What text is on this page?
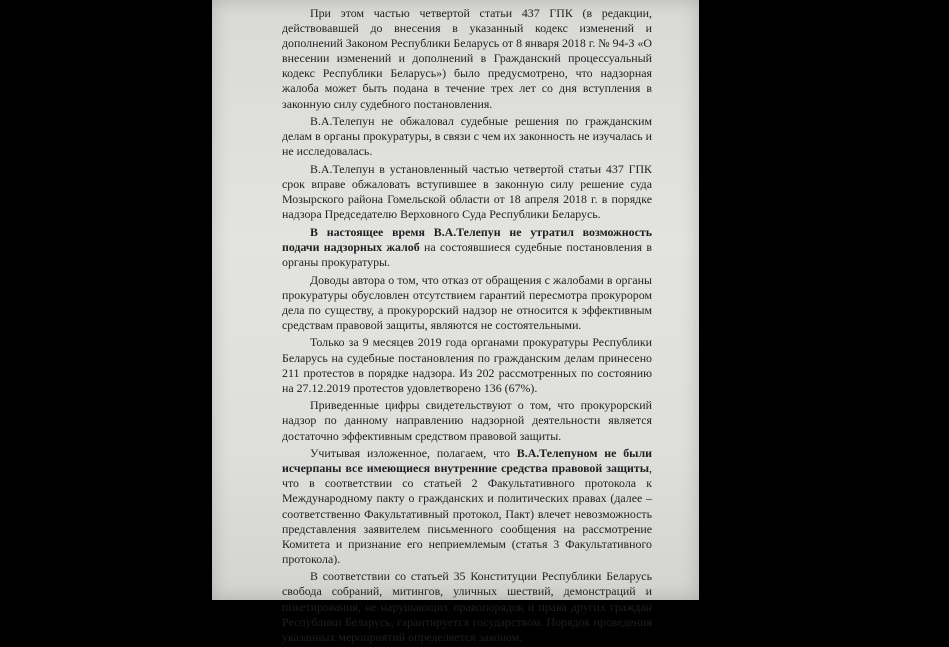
При этом частью четвертой статьи 437 ГПК (в редакции, действовавшей до внесения в указанный кодекс изменений и дополнений Законом Республики Беларусь от 8 января 2018 г. № 94-З «О внесении изменений и дополнений в Гражданский процессуальный кодекс Республики Беларусь») было предусмотрено, что надзорная жалоба может быть подана в течение трех лет со дня вступления в законную силу судебного постановления.

В.А.Телепун не обжаловал судебные решения по гражданским делам в органы прокуратуры, в связи с чем их законность не изучалась и не исследовалась.

В.А.Телепун в установленный частью четвертой статьи 437 ГПК срок вправе обжаловать вступившее в законную силу решение суда Мозырского района Гомельской области от 18 апреля 2018 г. в порядке надзора Председателю Верховного Суда Республики Беларусь.

В настоящее время В.А.Телепун не утратил возможность подачи надзорных жалоб на состоявшиеся судебные постановления в органы прокуратуры.

Доводы автора о том, что отказ от обращения с жалобами в органы прокуратуры обусловлен отсутствием гарантий пересмотра прокурором дела по существу, а прокурорский надзор не относится к эффективным средствам правовой защиты, являются не состоятельными.

Только за 9 месяцев 2019 года органами прокуратуры Республики Беларусь на судебные постановления по гражданским делам принесено 211 протестов в порядке надзора. Из 202 рассмотренных по состоянию на 27.12.2019 протестов удовлетворено 136 (67%).

Приведенные цифры свидетельствуют о том, что прокурорский надзор по данному направлению надзорной деятельности является достаточно эффективным средством правовой защиты.

Учитывая изложенное, полагаем, что В.А.Телепуном не были исчерпаны все имеющиеся внутренние средства правовой защиты, что в соответствии со статьей 2 Факультативного протокола к Международному пакту о гражданских и политических правах (далее – соответственно Факультативный протокол, Пакт) влечет невозможность представления заявителем письменного сообщения на рассмотрение Комитета и признание его неприемлемым (статья 3 Факультативного протокола).

В соответствии со статьей 35 Конституции Республики Беларусь свобода собраний, митингов, уличных шествий, демонстраций и пикетирования, не нарушающих правопорядок и права других граждан Республики Беларусь, гарантируется государством. Порядок проведения указанных мероприятий определяется законом.
